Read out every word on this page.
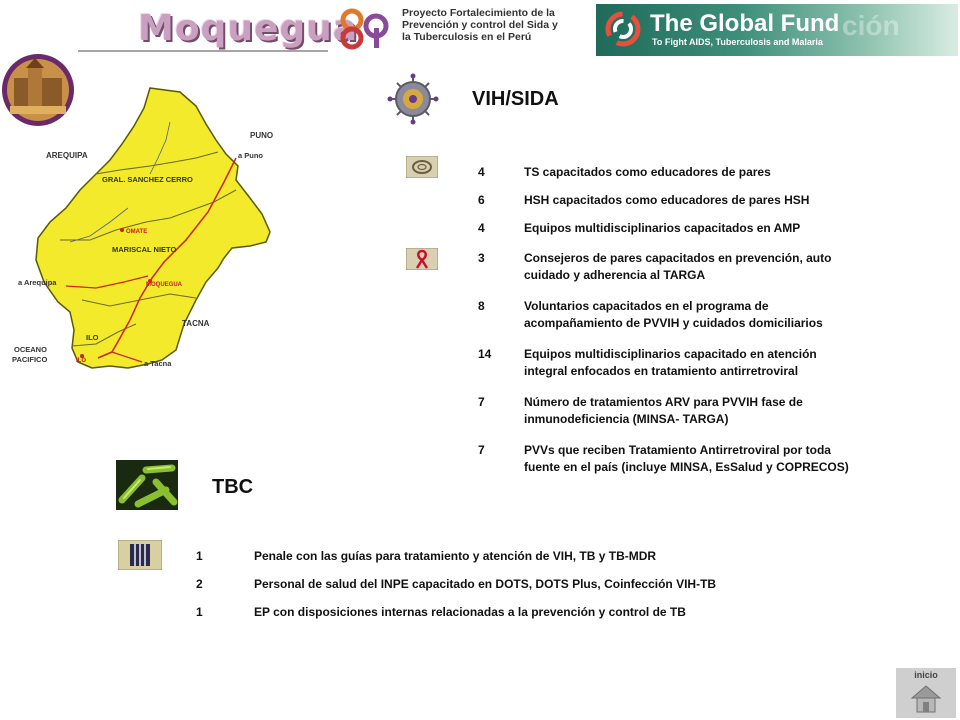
Moquegua	Proyecto Fortalecimiento de la
Prevención y control del Sida y
la Tuberculosis en el Perú	ción
The Global Fund
To Fight AIDS, Tuberculosis and Malaria
AREQUIPA
PUNO
a Puno
GRAL. SANCHEZ CERRO
OMATE
MARISCAL NIETO
a Arequipa	MOQUEGUA
TACNA
OCEANO
PACIFICO
ILO
ILO	a Tacna
VIH/SIDA
4	TS capacitados como educadores de pares
6	HSH capacitados como educadores de pares HSH
4	Equipos multidisciplinarios capacitados en AMP
3	Consejeros de pares capacitados en prevención, auto
cuidado y adherencia al TARGA
8	Voluntarios capacitados en el programa de
acompañamiento de PVVIH y cuidados domiciliarios
14	Equipos multidisciplinarios capacitado en atención
integral enfocados en tratamiento antirretroviral
7	Número de tratamientos ARV para PVVIH fase de
inmunodeficiencia (MINSA- TARGA)
7	PVVs que reciben Tratamiento Antirretroviral por toda
fuente en el país (incluye MINSA, EsSalud y COPRECOS)
TBC
1	Penale con las guías para tratamiento y atención de VIH, TB y TB-MDR
2	Personal de salud del INPE capacitado en DOTS, DOTS Plus, Coinfección VIH-TB
1	EP con disposiciones internas relacionadas a la prevención y control de TB
inicio
